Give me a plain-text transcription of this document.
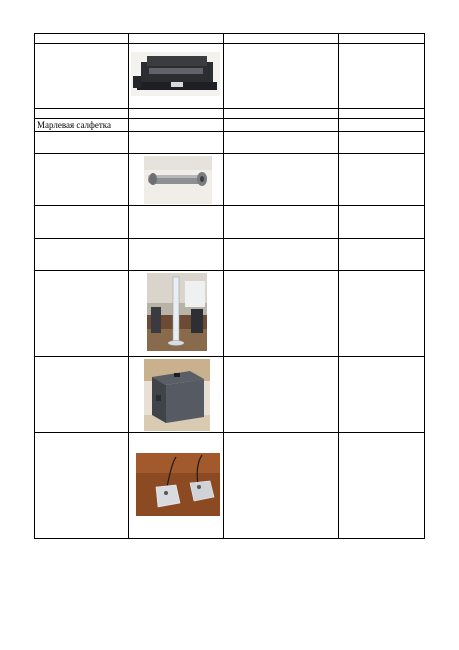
Марлевая салфетка			
